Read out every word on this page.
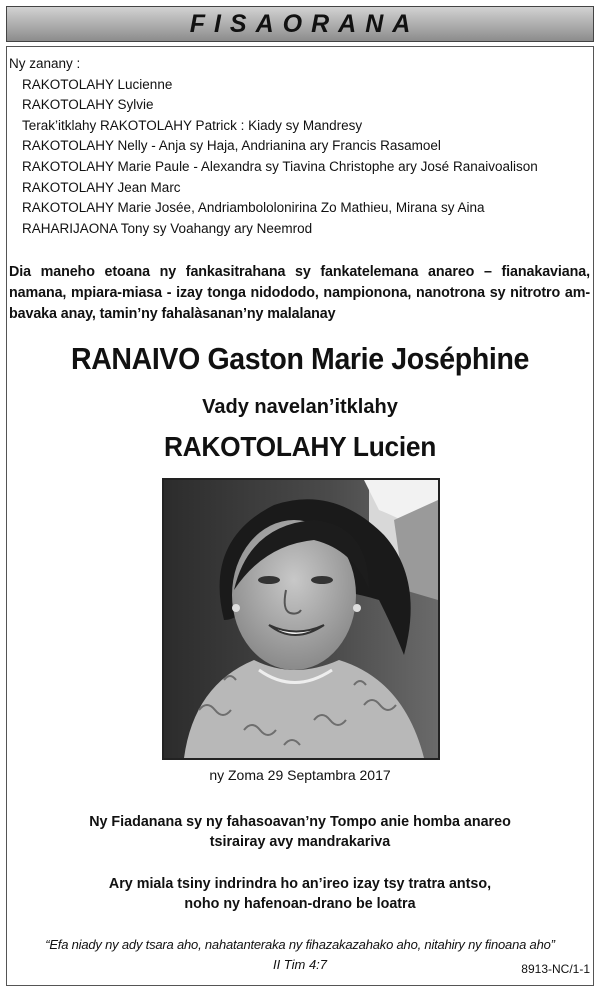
FISAORANA
Ny zanany :
RAKOTOLAHY Lucienne
RAKOTOLAHY Sylvie
Terak’itklahy RAKOTOLAHY Patrick : Kiady sy Mandresy
RAKOTOLAHY Nelly - Anja sy Haja, Andrianina ary Francis Rasamoel
RAKOTOLAHY Marie Paule - Alexandra sy Tiavina Christophe ary José Ranaivoalison
RAKOTOLAHY Jean Marc
RAKOTOLAHY Marie Josée, Andriambololonirina Zo Mathieu, Mirana sy Aina
RAHARIJAONA Tony sy Voahangy ary Neemrod
Dia maneho etoana ny fankasitrahana sy fankatelemana anareo – fianakaviana, namana, mpiara-miasa - izay tonga nidododo, nampionona, nanotrona sy nitrotro am-bavaka anay, tamin’ny fahalàsanan’ny malalanay
RANAIVO Gaston Marie Joséphine
Vady navelan’itklahy
RAKOTOLAHY Lucien
ny Zoma 29 Septambra 2017
Ny Fiadanana sy ny fahasoavan’ny Tompo anie homba anareo
tsirairay avy mandrakariva
Ary miala tsiny indrindra ho an’ireo izay tsy tratra antso,
noho ny hafenoan-drano be loatra
“Efa niady ny ady tsara aho, nahatanteraka ny fihazakazahako aho, nitahiry ny finoana aho”
II Tim 4:7	8913-NC/1-1
